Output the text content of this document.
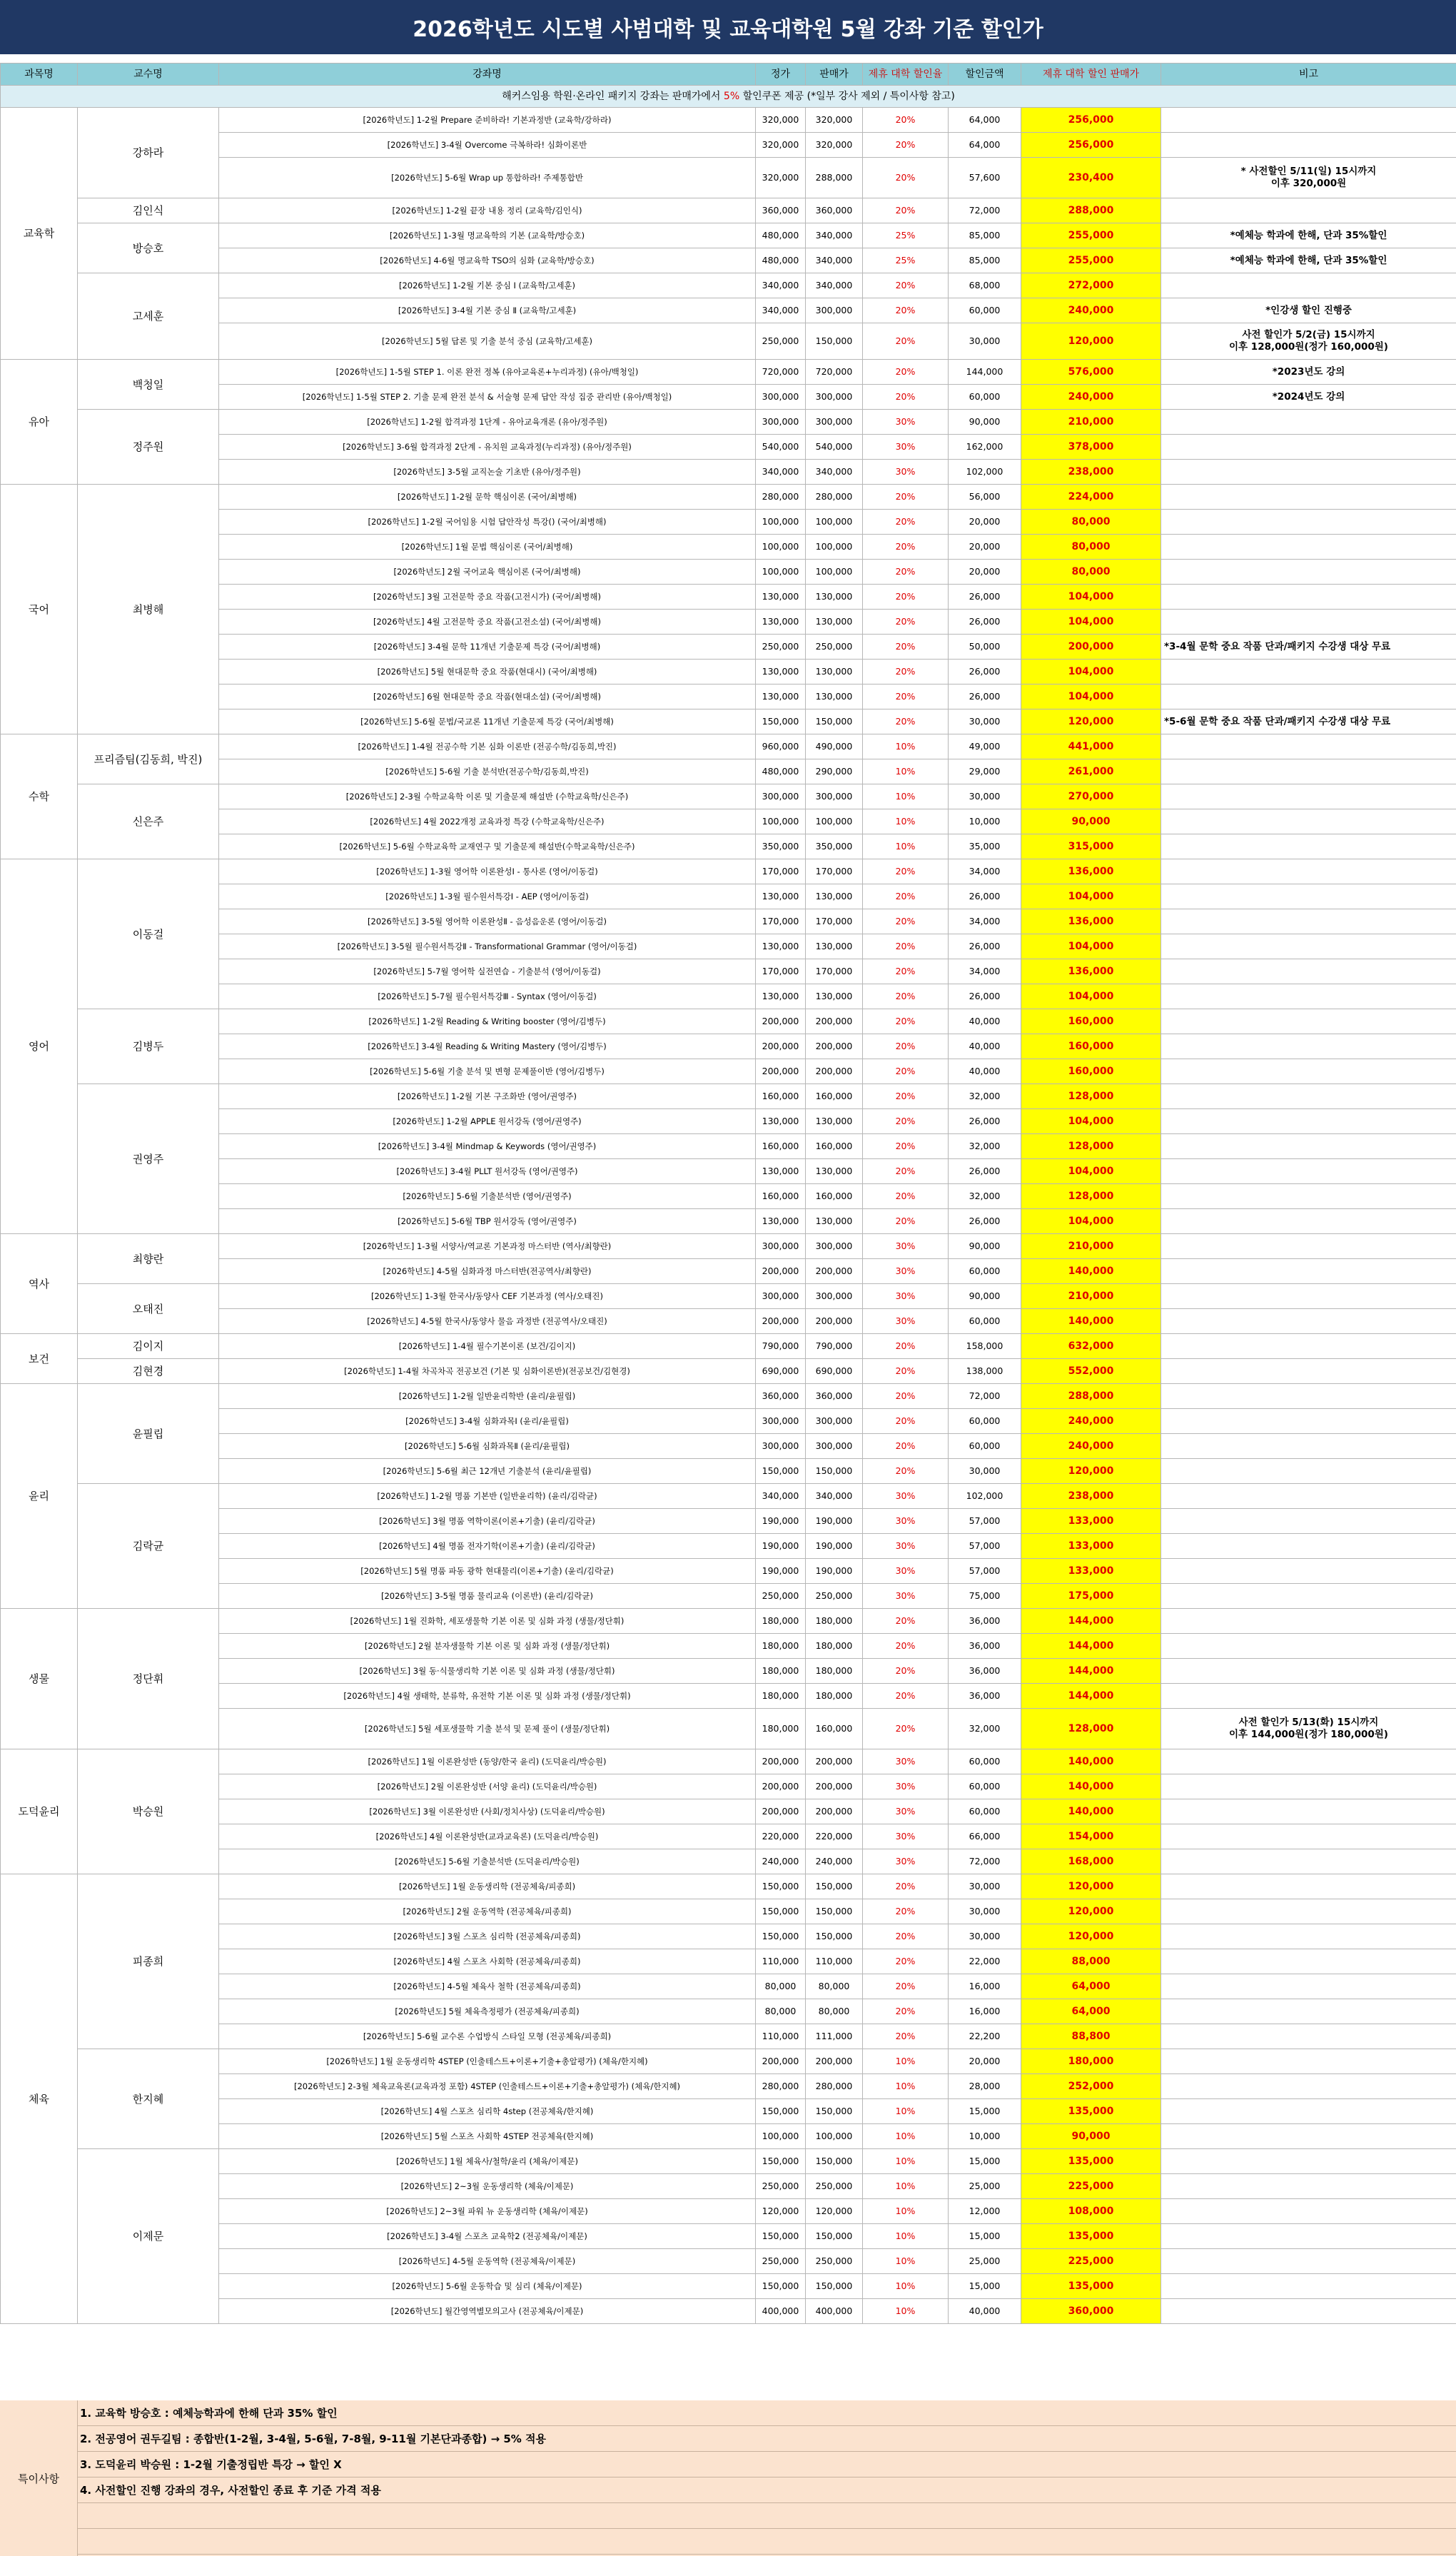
2026학년도 시도별 사범대학 및 교육대학원 5월 강좌 기준 할인가
과목명	교수명	강좌명	정가	판매가	제휴 대학 할인율	할인금액	제휴 대학 할인 판매가	비고
해커스임용 학원·온라인 패키지 강좌는 판매가에서 5% 할인쿠폰 제공 (*일부 강사 제외 / 특이사항 참고)								
교육학	강하라	[2026학년도] 1-2월 Prepare 준비하라! 기본과정반 (교육학/강하라)	320,000	320,000	20%	64,000	256,000	
		[2026학년도] 3-4월 Overcome 극복하라! 심화이론반	320,000	320,000	20%	64,000	256,000	
		[2026학년도] 5-6월 Wrap up 통합하라! 주제통합반	320,000	288,000	20%	57,600	230,400	* 사전할인 5/11(일) 15시까지
이후 320,000원
	김인식	[2026학년도] 1-2월 끝장 내용 정리 (교육학/김인식)	360,000	360,000	20%	72,000	288,000	
	방승호	[2026학년도] 1-3월 명교육학의 기본 (교육학/방승호)	480,000	340,000	25%	85,000	255,000	*예체능 학과에 한해, 단과 35%할인
		[2026학년도] 4-6월 명교육학 TSO의 심화 (교육학/방승호)	480,000	340,000	25%	85,000	255,000	*예체능 학과에 한해, 단과 35%할인
	고세훈	[2026학년도] 1-2월 기본 중심 Ⅰ (교육학/고세훈)	340,000	340,000	20%	68,000	272,000	
		[2026학년도] 3-4월 기본 중심 Ⅱ (교육학/고세훈)	340,000	300,000	20%	60,000	240,000	*인강생 할인 진행중
		[2026학년도] 5월 답론 및 기출 분석 중심 (교육학/고세훈)	250,000	150,000	20%	30,000	120,000	사전 할인가 5/2(금) 15시까지
이후 128,000원(정가 160,000원)
유아	백청일	[2026학년도] 1-5월 STEP 1. 이론 완전 정복 (유아교육론+누리과정) (유아/백청일)	720,000	720,000	20%	144,000	576,000	*2023년도 강의
		[2026학년도] 1-5월 STEP 2. 기출 문제 완전 분석 & 서술형 문제 답안 작성 집중 관리반 (유아/백청일)	300,000	300,000	20%	60,000	240,000	*2024년도 강의
	정주원	[2026학년도] 1-2월 합격과정 1단계 - 유아교육개론 (유아/정주원)	300,000	300,000	30%	90,000	210,000	
		[2026학년도] 3-6월 합격과정 2단계 - 유치원 교육과정(누리과정) (유아/정주원)	540,000	540,000	30%	162,000	378,000	
		[2026학년도] 3-5월 교직논술 기초반 (유아/정주원)	340,000	340,000	30%	102,000	238,000	
국어	최병해	[2026학년도] 1-2월 문학 핵심이론 (국어/최병해)	280,000	280,000	20%	56,000	224,000	
		[2026학년도] 1-2월 국어임용 시험 답안작성 특강() (국어/최병해)	100,000	100,000	20%	20,000	80,000	
		[2026학년도] 1월 문법 핵심이론 (국어/최병해)	100,000	100,000	20%	20,000	80,000	
		[2026학년도] 2월 국어교육 핵심이론 (국어/최병해)	100,000	100,000	20%	20,000	80,000	
		[2026학년도] 3월 고전문학 중요 작품(고전시가) (국어/최병해)	130,000	130,000	20%	26,000	104,000	
		[2026학년도] 4월 고전문학 중요 작품(고전소설) (국어/최병해)	130,000	130,000	20%	26,000	104,000	
		[2026학년도] 3-4월 문학 11개년 기출문제 특강 (국어/최병해)	250,000	250,000	20%	50,000	200,000	*3-4월 문학 중요 작품 단과/패키지 수강생 대상 무료
		[2026학년도] 5월 현대문학 중요 작품(현대시) (국어/최병해)	130,000	130,000	20%	26,000	104,000	
		[2026학년도] 6월 현대문학 중요 작품(현대소설) (국어/최병해)	130,000	130,000	20%	26,000	104,000	
		[2026학년도] 5-6월 문법/국교론 11개년 기출문제 특강 (국어/최병해)	150,000	150,000	20%	30,000	120,000	*5-6월 문학 중요 작품 단과/패키지 수강생 대상 무료
수학	프리즘팀(김동희, 박진)	[2026학년도] 1-4월 전공수학 기본 심화 이론반 (전공수학/김동희,박진)	960,000	490,000	10%	49,000	441,000	
		[2026학년도] 5-6월 기출 분석반(전공수학/김동희,박진)	480,000	290,000	10%	29,000	261,000	
	신은주	[2026학년도] 2-3월 수학교육학 이론 및 기출문제 해설반 (수학교육학/신은주)	300,000	300,000	10%	30,000	270,000	
		[2026학년도] 4월 2022개정 교육과정 특강 (수학교육학/신은주)	100,000	100,000	10%	10,000	90,000	
		[2026학년도] 5-6월 수학교육학 교재연구 및 기출문제 해설반(수학교육학/신은주)	350,000	350,000	10%	35,000	315,000	
영어	이동걸	[2026학년도] 1-3월 영어학 이론완성Ⅰ - 통사론 (영어/이동걸)	170,000	170,000	20%	34,000	136,000	
		[2026학년도] 1-3월 필수원서특강Ⅰ - AEP (영어/이동걸)	130,000	130,000	20%	26,000	104,000	
		[2026학년도] 3-5월 영어학 이론완성Ⅱ - 음성음운론 (영어/이동걸)	170,000	170,000	20%	34,000	136,000	
		[2026학년도] 3-5월 필수원서특강Ⅱ - Transformational Grammar (영어/이동걸)	130,000	130,000	20%	26,000	104,000	
		[2026학년도] 5-7월 영어학 실전연습 - 기출분석 (영어/이동걸)	170,000	170,000	20%	34,000	136,000	
		[2026학년도] 5-7월 필수원서특강Ⅲ - Syntax (영어/이동걸)	130,000	130,000	20%	26,000	104,000	
	김병두	[2026학년도] 1-2월 Reading & Writing booster (영어/김병두)	200,000	200,000	20%	40,000	160,000	
		[2026학년도] 3-4월 Reading & Writing Mastery (영어/김병두)	200,000	200,000	20%	40,000	160,000	
		[2026학년도] 5-6월 기출 분석 및 변형 문제풀이반 (영어/김병두)	200,000	200,000	20%	40,000	160,000	
	권영주	[2026학년도] 1-2월 기본 구조화반 (영어/권영주)	160,000	160,000	20%	32,000	128,000	
		[2026학년도] 1-2월 APPLE 원서강독 (영어/권영주)	130,000	130,000	20%	26,000	104,000	
		[2026학년도] 3-4월 Mindmap & Keywords (영어/권영주)	160,000	160,000	20%	32,000	128,000	
		[2026학년도] 3-4월 PLLT 원서강독 (영어/권영주)	130,000	130,000	20%	26,000	104,000	
		[2026학년도] 5-6월 기출분석반 (영어/권영주)	160,000	160,000	20%	32,000	128,000	
		[2026학년도] 5-6월 TBP 원서강독 (영어/권영주)	130,000	130,000	20%	26,000	104,000	
역사	최향란	[2026학년도] 1-3월 서양사/역교론 기본과정 마스터반 (역사/최향란)	300,000	300,000	30%	90,000	210,000	
		[2026학년도] 4-5월 심화과정 마스터반(전공역사/최향란)	200,000	200,000	30%	60,000	140,000	
	오태진	[2026학년도] 1-3월 한국사/동양사 CEF 기본과정 (역사/오태진)	300,000	300,000	30%	90,000	210,000	
		[2026학년도] 4-5월 한국사/동양사 물음 과정반 (전공역사/오태진)	200,000	200,000	30%	60,000	140,000	
보건	김이지	[2026학년도] 1-4월 필수기본이론 (보건/김이지)	790,000	790,000	20%	158,000	632,000	
	김현경	[2026학년도] 1-4월 차곡차곡 전공보건 (기본 및 심화이론반)(전공보건/김현경)	690,000	690,000	20%	138,000	552,000	
윤리	윤필립	[2026학년도] 1-2월 일반윤리학반 (윤리/윤필립)	360,000	360,000	20%	72,000	288,000	
		[2026학년도] 3-4월 심화과목Ⅰ (윤리/윤필립)	300,000	300,000	20%	60,000	240,000	
		[2026학년도] 5-6월 심화과목Ⅱ (윤리/윤필립)	300,000	300,000	20%	60,000	240,000	
		[2026학년도] 5-6월 최근 12개년 기출분석 (윤리/윤필립)	150,000	150,000	20%	30,000	120,000	
	김락균	[2026학년도] 1-2월 명품 기본반 (일반윤리학) (윤리/김락균)	340,000	340,000	30%	102,000	238,000	
		[2026학년도] 3월 명품 역학이론(이론+기출) (윤리/김락균)	190,000	190,000	30%	57,000	133,000	
		[2026학년도] 4월 명품 전자기학(이론+기출) (윤리/김락균)	190,000	190,000	30%	57,000	133,000	
		[2026학년도] 5월 명품 파동 광학 현대물리(이론+기출) (윤리/김락균)	190,000	190,000	30%	57,000	133,000	
		[2026학년도] 3-5월 명품 물리교육 (이론반) (윤리/김락균)	250,000	250,000	30%	75,000	175,000	
생물	정단휘	[2026학년도] 1월 진화학, 세포생물학 기본 이론 및 심화 과정 (생물/정단휘)	180,000	180,000	20%	36,000	144,000	
		[2026학년도] 2월 분자생물학 기본 이론 및 심화 과정 (생물/정단휘)	180,000	180,000	20%	36,000	144,000	
		[2026학년도] 3월 동·식물생리학 기본 이론 및 심화 과정 (생물/정단휘)	180,000	180,000	20%	36,000	144,000	
		[2026학년도] 4월 생태학, 분류학, 유전학 기본 이론 및 심화 과정 (생물/정단휘)	180,000	180,000	20%	36,000	144,000	
		[2026학년도] 5월 세포생물학 기출 분석 및 문제 풀이 (생물/정단휘)	180,000	160,000	20%	32,000	128,000	사전 할인가 5/13(화) 15시까지
이후 144,000원(정가 180,000원)
도덕윤리	박승원	[2026학년도] 1월 이론완성반 (동양/한국 윤리) (도덕윤리/박승원)	200,000	200,000	30%	60,000	140,000	
		[2026학년도] 2월 이론완성반 (서양 윤리) (도덕윤리/박승원)	200,000	200,000	30%	60,000	140,000	
		[2026학년도] 3월 이론완성반 (사회/정치사상) (도덕윤리/박승원)	200,000	200,000	30%	60,000	140,000	
		[2026학년도] 4월 이론완성반(교과교육론) (도덕윤리/박승원)	220,000	220,000	30%	66,000	154,000	
		[2026학년도] 5-6월 기출분석반 (도덕윤리/박승원)	240,000	240,000	30%	72,000	168,000	
체육	피종희	[2026학년도] 1월 운동생리학 (전공체육/피종희)	150,000	150,000	20%	30,000	120,000	
		[2026학년도] 2월 운동역학 (전공체육/피종희)	150,000	150,000	20%	30,000	120,000	
		[2026학년도] 3월 스포츠 심리학 (전공체육/피종희)	150,000	150,000	20%	30,000	120,000	
		[2026학년도] 4월 스포츠 사회학 (전공체육/피종희)	110,000	110,000	20%	22,000	88,000	
		[2026학년도] 4-5월 체육사 철학 (전공체육/피종희)	80,000	80,000	20%	16,000	64,000	
		[2026학년도] 5월 체육측정평가 (전공체육/피종희)	80,000	80,000	20%	16,000	64,000	
		[2026학년도] 5-6월 교수론 수업방식 스타일 모형 (전공체육/피종희)	110,000	111,000	20%	22,200	88,800	
	한지혜	[2026학년도] 1월 운동생리학 4STEP (인출테스트+이론+기출+총알평가) (체육/한지혜)	200,000	200,000	10%	20,000	180,000	
		[2026학년도] 2-3월 체육교육론(교육과정 포함) 4STEP (인출테스트+이론+기출+총알평가) (체육/한지혜)	280,000	280,000	10%	28,000	252,000	
		[2026학년도] 4월 스포츠 심리학 4step (전공체육/한지혜)	150,000	150,000	10%	15,000	135,000	
		[2026학년도] 5월 스포츠 사회학 4STEP 전공체육(한지혜)	100,000	100,000	10%	10,000	90,000	
	이제문	[2026학년도] 1월 체육사/철학/윤리 (체육/이제문)	150,000	150,000	10%	15,000	135,000	
		[2026학년도] 2~3월 운동생리학 (체육/이제문)	250,000	250,000	10%	25,000	225,000	
		[2026학년도] 2~3월 파워 뉴 운동생리학 (체육/이제문)	120,000	120,000	10%	12,000	108,000	
		[2026학년도] 3-4월 스포츠 교육학2 (전공체육/이제문)	150,000	150,000	10%	15,000	135,000	
		[2026학년도] 4-5월 운동역학 (전공체육/이제문)	250,000	250,000	10%	25,000	225,000	
		[2026학년도] 5-6월 운동학습 및 심리 (체육/이제문)	150,000	150,000	10%	15,000	135,000	
		[2026학년도] 월간영역별모의고사 (전공체육/이제문)	400,000	400,000	10%	40,000	360,000	
특이사항
1. 교육학 방승호 : 예체능학과에 한해 단과 35% 할인
2. 전공영어 권두길팀 : 종합반(1-2월, 3-4월, 5-6월, 7-8월, 9-11월 기본단과종합) → 5% 적용
3. 도덕윤리 박승원 : 1-2월 기출정립반 특강 → 할인 X
4. 사전할인 진행 강좌의 경우, 사전할인 종료 후 기준 가격 적용
